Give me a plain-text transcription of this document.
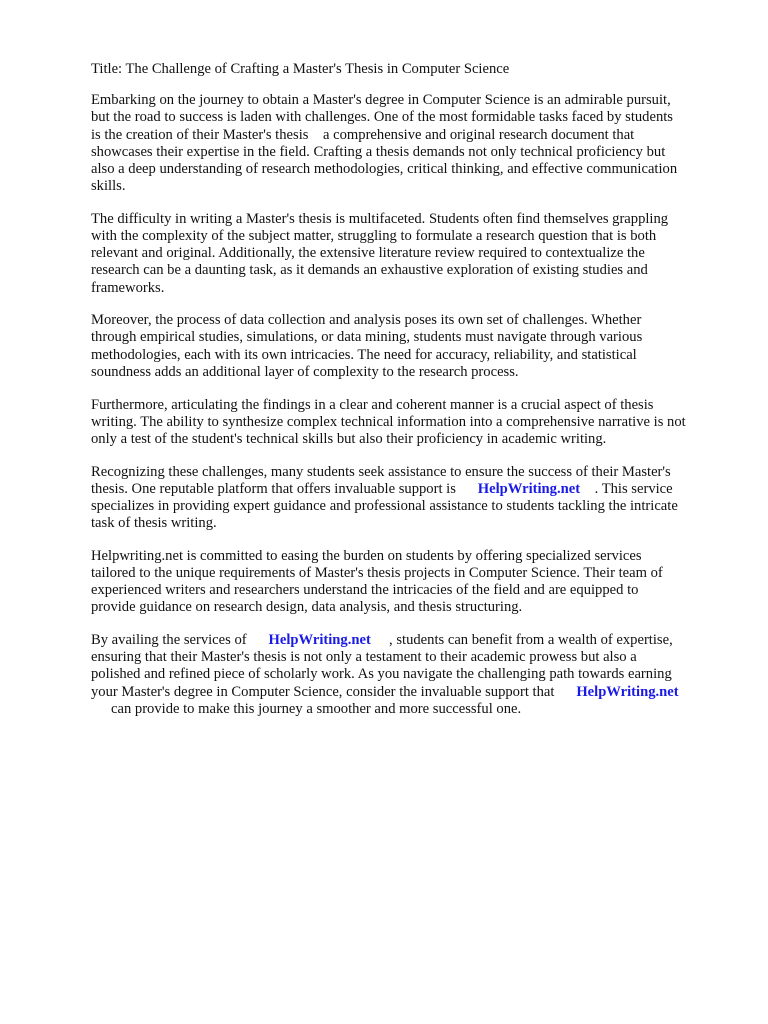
Title: The Challenge of Crafting a Master's Thesis in Computer Science
Embarking on the journey to obtain a Master's degree in Computer Science is an admirable pursuit,
but the road to success is laden with challenges. One of the most formidable tasks faced by students
is the creation of their Master's thesis    a comprehensive and original research document that
showcases their expertise in the field. Crafting a thesis demands not only technical proficiency but
also a deep understanding of research methodologies, critical thinking, and effective communication
skills.
The difficulty in writing a Master's thesis is multifaceted. Students often find themselves grappling
with the complexity of the subject matter, struggling to formulate a research question that is both
relevant and original. Additionally, the extensive literature review required to contextualize the
research can be a daunting task, as it demands an exhaustive exploration of existing studies and
frameworks.
Moreover, the process of data collection and analysis poses its own set of challenges. Whether
through empirical studies, simulations, or data mining, students must navigate through various
methodologies, each with its own intricacies. The need for accuracy, reliability, and statistical
soundness adds an additional layer of complexity to the research process.
Furthermore, articulating the findings in a clear and coherent manner is a crucial aspect of thesis
writing. The ability to synthesize complex technical information into a comprehensive narrative is not
only a test of the student's technical skills but also their proficiency in academic writing.
Recognizing these challenges, many students seek assistance to ensure the success of their Master's
thesis. One reputable platform that offers invaluable support is      HelpWriting.net    . This service
specializes in providing expert guidance and professional assistance to students tackling the intricate
task of thesis writing.
Helpwriting.net is committed to easing the burden on students by offering specialized services
tailored to the unique requirements of Master's thesis projects in Computer Science. Their team of
experienced writers and researchers understand the intricacies of the field and are equipped to
provide guidance on research design, data analysis, and thesis structuring.
By availing the services of      HelpWriting.net     , students can benefit from a wealth of expertise,
ensuring that their Master's thesis is not only a testament to their academic prowess but also a
polished and refined piece of scholarly work. As you navigate the challenging path towards earning
your Master's degree in Computer Science, consider the invaluable support that      HelpWriting.net
can provide to make this journey a smoother and more successful one.
